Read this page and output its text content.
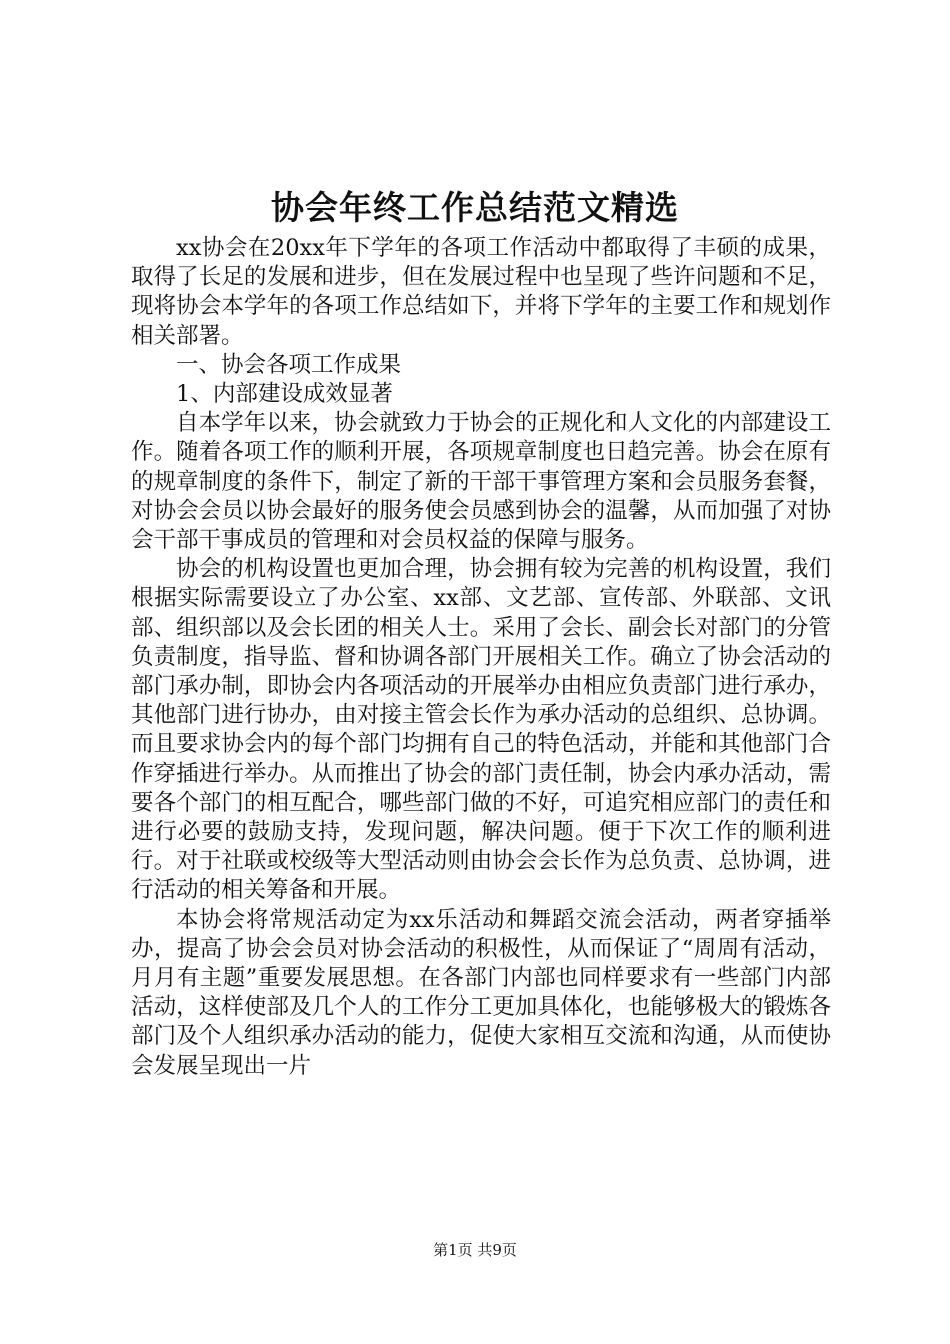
协会年终工作总结范文精选

xx协会在20xx年下学年的各项工作活动中都取得了丰硕的成果，取得了长足的发展和进步，但在发展过程中也呈现了些许问题和不足，现将协会本学年的各项工作总结如下，并将下学年的主要工作和规划作相关部署。

一、协会各项工作成果

1、内部建设成效显著

自本学年以来，协会就致力于协会的正规化和人文化的内部建设工作。随着各项工作的顺利开展，各项规章制度也日趋完善。协会在原有的规章制度的条件下，制定了新的干部干事管理方案和会员服务套餐，对协会会员以协会最好的服务使会员感到协会的温馨，从而加强了对协会干部干事成员的管理和对会员权益的保障与服务。

协会的机构设置也更加合理，协会拥有较为完善的机构设置，我们根据实际需要设立了办公室、xx部、文艺部、宣传部、外联部、文讯部、组织部以及会长团的相关人士。采用了会长、副会长对部门的分管负责制度，指导监、督和协调各部门开展相关工作。确立了协会活动的部门承办制，即协会内各项活动的开展举办由相应负责部门进行承办，其他部门进行协办，由对接主管会长作为承办活动的总组织、总协调。而且要求协会内的每个部门均拥有自己的特色活动，并能和其他部门合作穿插进行举办。从而推出了协会的部门责任制，协会内承办活动，需要各个部门的相互配合，哪些部门做的不好，可追究相应部门的责任和进行必要的鼓励支持，发现问题，解决问题。便于下次工作的顺利进行。对于社联或校级等大型活动则由协会会长作为总负责、总协调，进行活动的相关筹备和开展。

本协会将常规活动定为xx乐活动和舞蹈交流会活动，两者穿插举办，提高了协会会员对协会活动的积极性，从而保证了“周周有活动，月月有主题”重要发展思想。在各部门内部也同样要求有一些部门内部活动，这样使部及几个人的工作分工更加具体化，也能够极大的锻炼各部门及个人组织承办活动的能力，促使大家相互交流和沟通，从而使协会发展呈现出一片

第1页 共9页
